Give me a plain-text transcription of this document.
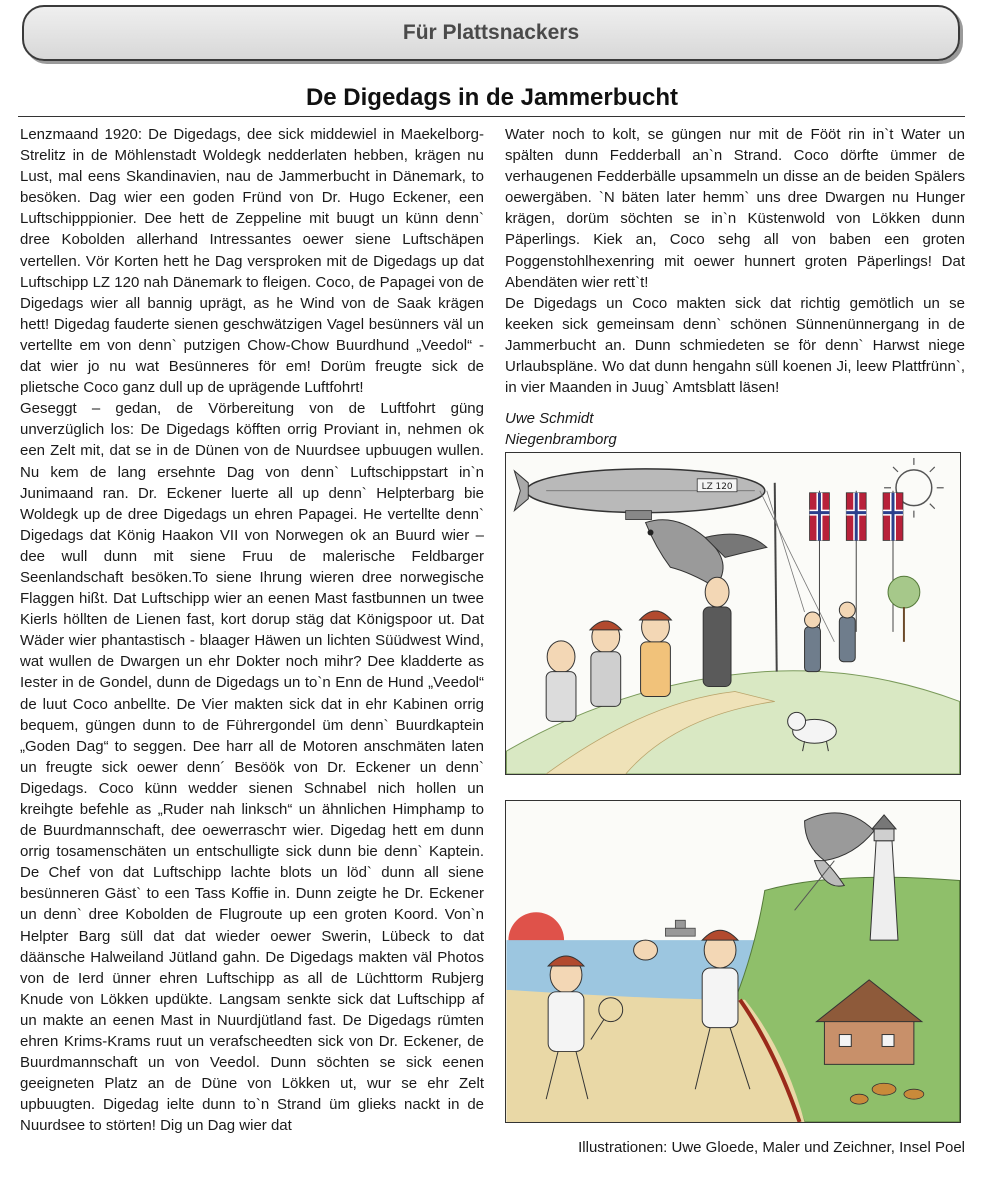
Für Plattsnackers
De Digedags in de Jammerbucht

Lenzmaand 1920: De Digedags, dee sick middewiel in Maekelborg-Strelitz in de Möhlenstadt Woldegk nedderlaten hebben, krägen nu Lust, mal eens Skandinavien, nau de Jammerbucht in Dänemark, to besöken. Dag wier een goden Fründ von Dr. Hugo Eckener, een Luftschipppionier. Dee hett de Zeppeline mit buugt un künn denn` dree Kobolden allerhand Intressantes oewer siene Luftschäpen vertellen. Vör Korten hett he Dag versproken mit de Digedags up dat Luftschipp LZ 120 nah Dänemark to fleigen. Coco, de Papagei von de Digedags wier all bannig uprägt, as he Wind von de Saak krägen hett! Digedag fauderte sienen geschwätzigen Vagel besünners väl un vertellte em von denn` putzigen Chow-Chow Buurdhund „Veedol“ - dat wier jo nu wat Besünneres för em! Dorüm freugte sick de plietsche Coco ganz dull up de uprägende Luftfohrt!

Geseggt – gedan, de Vörbereitung von de Luftfohrt güng unverzüglich los: De Digedags köfften orrig Proviant in, nehmen ok een Zelt mit, dat se in de Dünen von de Nuurdsee upbuugen wullen. Nu kem de lang ersehnte Dag von denn` Luftschippstart in`n Junimaand ran. Dr. Eckener luerte all up denn` Helpterbarg bie Woldegk up de dree Digedags un ehren Papagei. He vertellte denn` Digedags dat König Haakon VII von Norwegen ok an Buurd wier – dee wull dunn mit siene Fruu de malerische Feldbarger Seenlandschaft besöken.To siene Ihrung wieren dree norwegische Flaggen hißt. Dat Luftschipp wier an eenen Mast fastbunnen un twee Kierls höllten de Lienen fast, kort dorup stäg dat Königspoor ut. Dat Wäder wier phantastisch - blaager Häwen un lichten Süüdwest Wind, wat wullen de Dwargen un ehr Dokter noch mihr? Dee kladderte as Iester in de Gondel, dunn de Digedags un to`n Enn de Hund „Veedol“ de luut Coco anbellte. De Vier makten sick dat in ehr Kabinen orrig bequem, güngen dunn to de Führergondel üm denn` Buurdkaptein „Goden Dag“ to seggen. Dee harr all de Motoren anschmäten laten un freugte sick oewer denn´ Besöök von Dr. Eckener un denn` Digedags. Coco künn wedder sienen Schnabel nich hollen un kreihgte befehle as „Ruder nah linksch“ un ähnlichen Himphamp to de Buurdmannschaft, dee oewerraschт wier. Digedag hett em dunn orrig tosamenschäten un entschulligte sick dunn bie denn` Kaptein. De Chef von dat Luftschipp lachte blots un löd` dunn all siene besünneren Gäst` to een Tass Koffie in. Dunn zeigte he Dr. Eckener un denn` dree Kobolden de Flugroute up een groten Koord. Von`n Helpter Barg süll dat dat wieder oewer Swerin, Lübeck to dat däänsche Halweiland Jütland gahn. De Digedags makten väl Photos von de Ierd ünner ehren Luftschipp as all de Lüchttorm Rubjerg Knude von Lökken updükte. Langsam senkte sick dat Luftschipp af un makte an eenen Mast in Nuurdjütland fast. De Digedags rümten ehren Krims-Krams ruut un verafscheedten sick von Dr. Eckener, de Buurdmannschaft un von Veedol. Dunn söchten se sick eenen geeigneten Platz an de Düne von Lökken ut, wur se ehr Zelt upbuugten. Digedag ielte dunn to`n Strand üm glieks nackt in de Nuurdsee to störten! Dig un Dag wier dat

Water noch to kolt, se güngen nur mit de Fööt rin in`t Water un spälten dunn Fedderball an`n Strand. Coco dörfte ümmer de verhaugenen Fedderbälle upsammeln un disse an de beiden Spälers oewergäben. `N bäten later hemm` uns dree Dwargen nu Hunger krägen, dorüm söchten se in`n Küstenwold von Lökken dunn Päperlings. Kiek an, Coco sehg all von baben een groten Poggenstohlhexenring mit oewer hunnert groten Päperlings! Dat Abendäten wier rett`t!

De Digedags un Coco makten sick dat richtig gemötlich un se keeken sick gemeinsam denn` schönen Sünnenünnergang in de Jammerbucht an. Dunn schmiedeten se för denn` Harwst niege Urlaubspläne. Wo dat dunn hengahn süll koenen Ji, leew Plattfrünn`, in vier Maanden in Juug` Amtsblatt läsen!

Uwe Schmidt

Niegenbramborg

LZ 120
Illustrationen: Uwe Gloede, Maler und Zeichner, Insel Poel
